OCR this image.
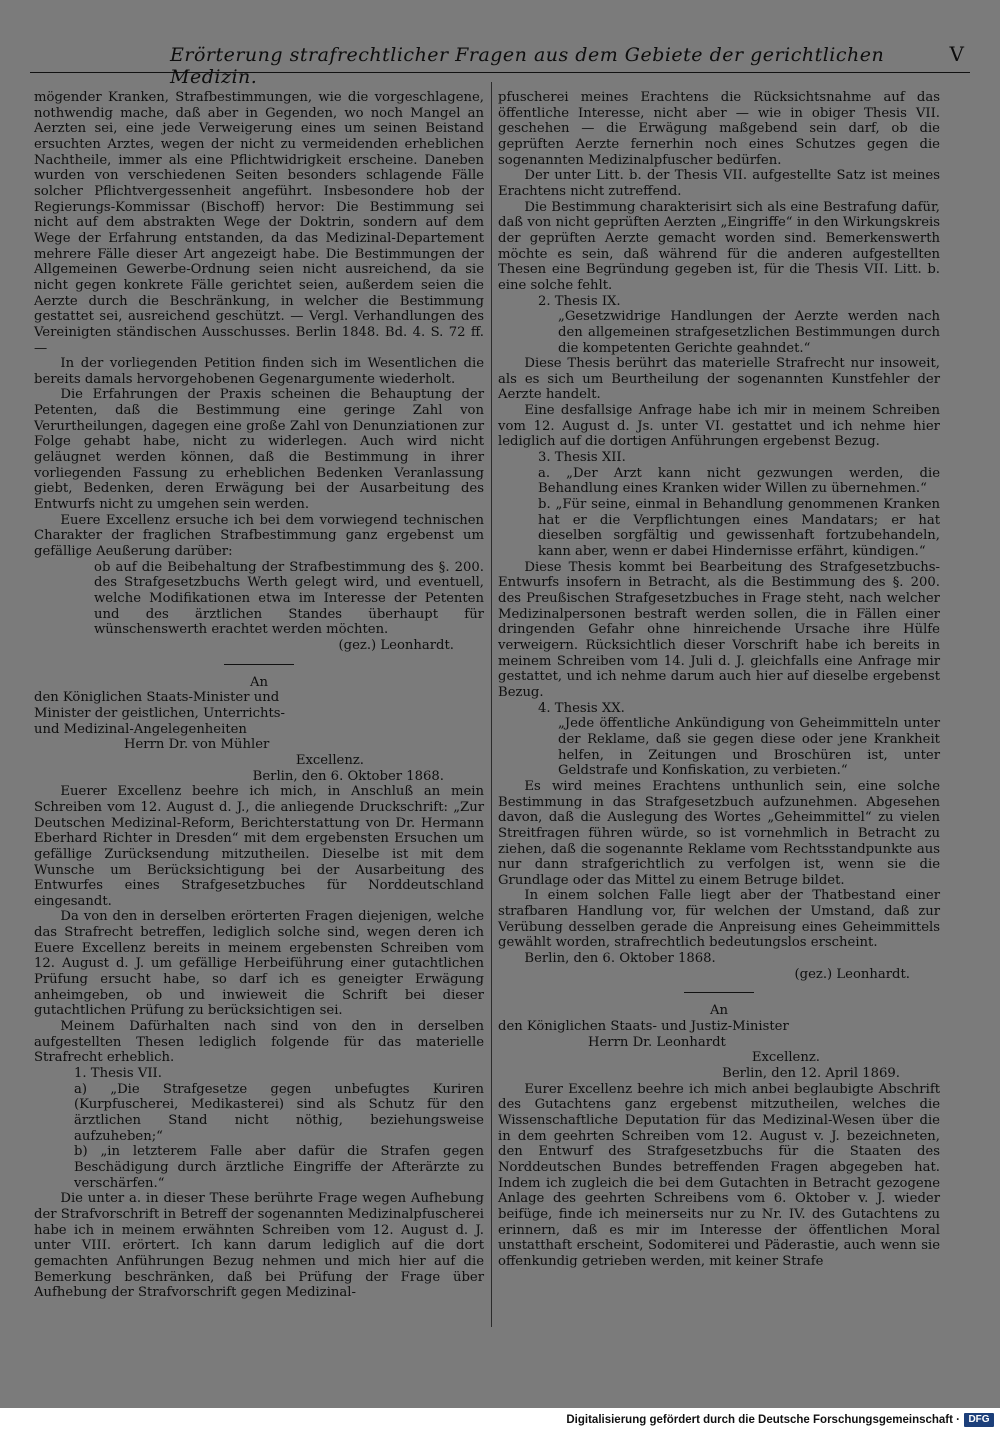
Erörterung strafrechtlicher Fragen aus dem Gebiete der gerichtlichen Medizin.
V

mögender Kranken, Strafbestimmungen, wie die vorgeschlagene, nothwendig mache, daß aber in Gegenden, wo noch Mangel an Aerzten sei, eine jede Verweigerung eines um seinen Beistand ersuchten Arztes, wegen der nicht zu vermeidenden erheblichen Nachtheile, immer als eine Pflichtwidrigkeit erscheine. Daneben wurden von verschiedenen Seiten besonders schlagende Fälle solcher Pflichtvergessenheit angeführt. Insbesondere hob der Regierungs-Kommissar (Bischoff) hervor: Die Bestimmung sei nicht auf dem abstrakten Wege der Doktrin, sondern auf dem Wege der Erfahrung entstanden, da das Medizinal-Departement mehrere Fälle dieser Art angezeigt habe. Die Bestimmungen der Allgemeinen Gewerbe-Ordnung seien nicht ausreichend, da sie nicht gegen konkrete Fälle gerichtet seien, außerdem seien die Aerzte durch die Beschränkung, in welcher die Bestimmung gestattet sei, ausreichend geschützt. — Vergl. Verhandlungen des Vereinigten ständischen Ausschusses. Berlin 1848. Bd. 4. S. 72 ff. —

In der vorliegenden Petition finden sich im Wesentlichen die bereits damals hervorgehobenen Gegenargumente wiederholt.

Die Erfahrungen der Praxis scheinen die Behauptung der Petenten, daß die Bestimmung eine geringe Zahl von Verurtheilungen, dagegen eine große Zahl von Denunziationen zur Folge gehabt habe, nicht zu widerlegen. Auch wird nicht geläugnet werden können, daß die Bestimmung in ihrer vorliegenden Fassung zu erheblichen Bedenken Veranlassung giebt, Bedenken, deren Erwägung bei der Ausarbeitung des Entwurfs nicht zu umgehen sein werden.

Euere Excellenz ersuche ich bei dem vorwiegend technischen Charakter der fraglichen Strafbestimmung ganz ergebenst um gefällige Aeußerung darüber:

ob auf die Beibehaltung der Strafbestimmung des §. 200. des Strafgesetzbuchs Werth gelegt wird, und eventuell, welche Modifikationen etwa im Interesse der Petenten und des ärztlichen Standes überhaupt für wünschenswerth erachtet werden möchten.

(gez.) Leonhardt.

An

den Königlichen Staats-Minister und Minister der geistlichen, Unterrichts- und Medizinal-Angelegenheiten

Herrn Dr. von Mühler

Excellenz.

Berlin, den 6. Oktober 1868.

Euerer Excellenz beehre ich mich, in Anschluß an mein Schreiben vom 12. August d. J., die anliegende Druckschrift: „Zur Deutschen Medizinal-Reform, Berichterstattung von Dr. Hermann Eberhard Richter in Dresden“ mit dem ergebensten Ersuchen um gefällige Zurücksendung mitzutheilen. Dieselbe ist mit dem Wunsche um Berücksichtigung bei der Ausarbeitung des Entwurfes eines Strafgesetzbuches für Norddeutschland eingesandt.

Da von den in derselben erörterten Fragen diejenigen, welche das Strafrecht betreffen, lediglich solche sind, wegen deren ich Euere Excellenz bereits in meinem ergebensten Schreiben vom 12. August d. J. um gefällige Herbeiführung einer gutachtlichen Prüfung ersucht habe, so darf ich es geneigter Erwägung anheimgeben, ob und inwieweit die Schrift bei dieser gutachtlichen Prüfung zu berücksichtigen sei.

Meinem Dafürhalten nach sind von den in derselben aufgestellten Thesen lediglich folgende für das materielle Strafrecht erheblich.

1. Thesis VII.

a) „Die Strafgesetze gegen unbefugtes Kuriren (Kurpfuscherei, Medikasterei) sind als Schutz für den ärztlichen Stand nicht nöthig, beziehungsweise aufzuheben;“

b) „in letzterem Falle aber dafür die Strafen gegen Beschädigung durch ärztliche Eingriffe der Afterärzte zu verschärfen.“

Die unter a. in dieser These berührte Frage wegen Aufhebung der Strafvorschrift in Betreff der sogenannten Medizinalpfuscherei habe ich in meinem erwähnten Schreiben vom 12. August d. J. unter VIII. erörtert. Ich kann darum lediglich auf die dort gemachten Anführungen Bezug nehmen und mich hier auf die Bemerkung beschränken, daß bei Prüfung der Frage über Aufhebung der Strafvorschrift gegen Medizinal-

pfuscherei meines Erachtens die Rücksichtsnahme auf das öffentliche Interesse, nicht aber — wie in obiger Thesis VII. geschehen — die Erwägung maßgebend sein darf, ob die geprüften Aerzte fernerhin noch eines Schutzes gegen die sogenannten Medizinalpfuscher bedürfen.

Der unter Litt. b. der Thesis VII. aufgestellte Satz ist meines Erachtens nicht zutreffend.

Die Bestimmung charakterisirt sich als eine Bestrafung dafür, daß von nicht geprüften Aerzten „Eingriffe“ in den Wirkungskreis der geprüften Aerzte gemacht worden sind. Bemerkenswerth möchte es sein, daß während für die anderen aufgestellten Thesen eine Begründung gegeben ist, für die Thesis VII. Litt. b. eine solche fehlt.

2. Thesis IX.

„Gesetzwidrige Handlungen der Aerzte werden nach den allgemeinen strafgesetzlichen Bestimmungen durch die kompetenten Gerichte geahndet.“

Diese Thesis berührt das materielle Strafrecht nur insoweit, als es sich um Beurtheilung der sogenannten Kunstfehler der Aerzte handelt.

Eine desfallsige Anfrage habe ich mir in meinem Schreiben vom 12. August d. Js. unter VI. gestattet und ich nehme hier lediglich auf die dortigen Anführungen ergebenst Bezug.

3. Thesis XII.

a. „Der Arzt kann nicht gezwungen werden, die Behandlung eines Kranken wider Willen zu übernehmen.“

b. „Für seine, einmal in Behandlung genommenen Kranken hat er die Verpflichtungen eines Mandatars; er hat dieselben sorgfältig und gewissenhaft fortzubehandeln, kann aber, wenn er dabei Hindernisse erfährt, kündigen.“

Diese Thesis kommt bei Bearbeitung des Strafgesetzbuchs-Entwurfs insofern in Betracht, als die Bestimmung des §. 200. des Preußischen Strafgesetzbuches in Frage steht, nach welcher Medizinalpersonen bestraft werden sollen, die in Fällen einer dringenden Gefahr ohne hinreichende Ursache ihre Hülfe verweigern. Rücksichtlich dieser Vorschrift habe ich bereits in meinem Schreiben vom 14. Juli d. J. gleichfalls eine Anfrage mir gestattet, und ich nehme darum auch hier auf dieselbe ergebenst Bezug.

4. Thesis XX.

„Jede öffentliche Ankündigung von Geheimmitteln unter der Reklame, daß sie gegen diese oder jene Krankheit helfen, in Zeitungen und Broschüren ist, unter Geldstrafe und Konfiskation, zu verbieten.“

Es wird meines Erachtens unthunlich sein, eine solche Bestimmung in das Strafgesetzbuch aufzunehmen. Abgesehen davon, daß die Auslegung des Wortes „Geheimmittel“ zu vielen Streitfragen führen würde, so ist vornehmlich in Betracht zu ziehen, daß die sogenannte Reklame vom Rechtsstandpunkte aus nur dann strafgerichtlich zu verfolgen ist, wenn sie die Grundlage oder das Mittel zu einem Betruge bildet.

In einem solchen Falle liegt aber der Thatbestand einer strafbaren Handlung vor, für welchen der Umstand, daß zur Verübung desselben gerade die Anpreisung eines Geheimmittels gewählt worden, strafrechtlich bedeutungslos erscheint.

Berlin, den 6. Oktober 1868.

(gez.) Leonhardt.

An

den Königlichen Staats- und Justiz-Minister

Herrn Dr. Leonhardt

Excellenz.

Berlin, den 12. April 1869.

Eurer Excellenz beehre ich mich anbei beglaubigte Abschrift des Gutachtens ganz ergebenst mitzutheilen, welches die Wissenschaftliche Deputation für das Medizinal-Wesen über die in dem geehrten Schreiben vom 12. August v. J. bezeichneten, den Entwurf des Strafgesetzbuchs für die Staaten des Norddeutschen Bundes betreffenden Fragen abgegeben hat. Indem ich zugleich die bei dem Gutachten in Betracht gezogene Anlage des geehrten Schreibens vom 6. Oktober v. J. wieder beifüge, finde ich meinerseits nur zu Nr. IV. des Gutachtens zu erinnern, daß es mir im Interesse der öffentlichen Moral unstatthaft erscheint, Sodomiterei und Päderastie, auch wenn sie offenkundig getrieben werden, mit keiner Strafe

Digitalisierung gefördert durch die Deutsche Forschungsgemeinschaft · DFG
